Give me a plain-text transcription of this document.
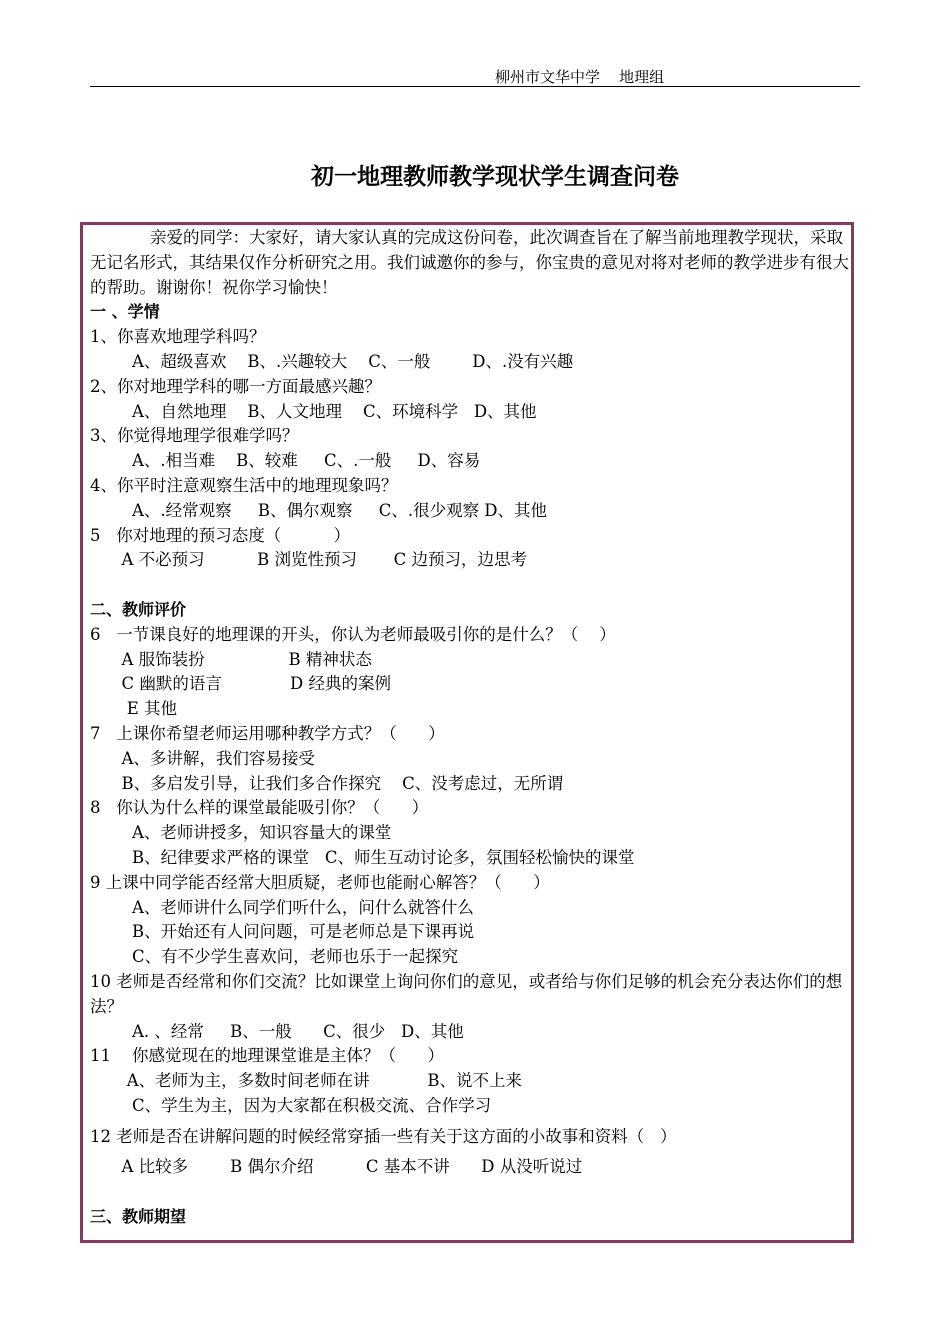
柳州市文华中学    地理组
初一地理教师教学现状学生调查问卷
亲爱的同学：大家好，请大家认真的完成这份问卷，此次调查旨在了解当前地理教学现状，采取无记名形式，其结果仅作分析研究之用。我们诚邀你的参与，你宝贵的意见对将对老师的教学进步有很大的帮助。谢谢你！祝你学习愉快！
一 、学情
1、你喜欢地理学科吗？
A、超级喜欢    B、.兴趣较大    C、一般        D、.没有兴趣
2、你对地理学科的哪一方面最感兴趣？
A、自然地理    B、人文地理    C、环境科学   D、其他
3、你觉得地理学很难学吗？
A、.相当难    B、较难     C、.一般     D、容易
4、你平时注意观察生活中的地理现象吗？
A、.经常观察     B、偶尔观察     C、.很少观察 D、其他
5   你对地理的预习态度（          ）
A 不必预习          B 浏览性预习       C 边预习，边思考
二、教师评价
6   一节课良好的地理课的开头，你认为老师最吸引你的是什么？（    ）
A 服饰装扮                B 精神状态
C 幽默的语言             D 经典的案例
E 其他
7   上课你希望老师运用哪种教学方式？（      ）
A、多讲解，我们容易接受
B、多启发引导，让我们多合作探究    C、没考虑过，无所谓
8   你认为什么样的课堂最能吸引你？（      ）
A、老师讲授多，知识容量大的课堂
B、纪律要求严格的课堂   C、师生互动讨论多，氛围轻松愉快的课堂
9 上课中同学能否经常大胆质疑，老师也能耐心解答？（      ）
A、老师讲什么同学们听什么，问什么就答什么
B、开始还有人问问题，可是老师总是下课再说
C、有不少学生喜欢问，老师也乐于一起探究
10 老师是否经常和你们交流？比如课堂上询问你们的意见，或者给与你们足够的机会充分表达你们的想法？
A. 、经常     B、一般      C、很少   D、其他
11    你感觉现在的地理课堂谁是主体？（      ）
A、老师为主，多数时间老师在讲           B、说不上来
C、学生为主，因为大家都在积极交流、合作学习
12 老师是否在讲解问题的时候经常穿插一些有关于这方面的小故事和资料（   ）
A 比较多        B 偶尔介绍          C 基本不讲      D 从没听说过
三、教师期望
